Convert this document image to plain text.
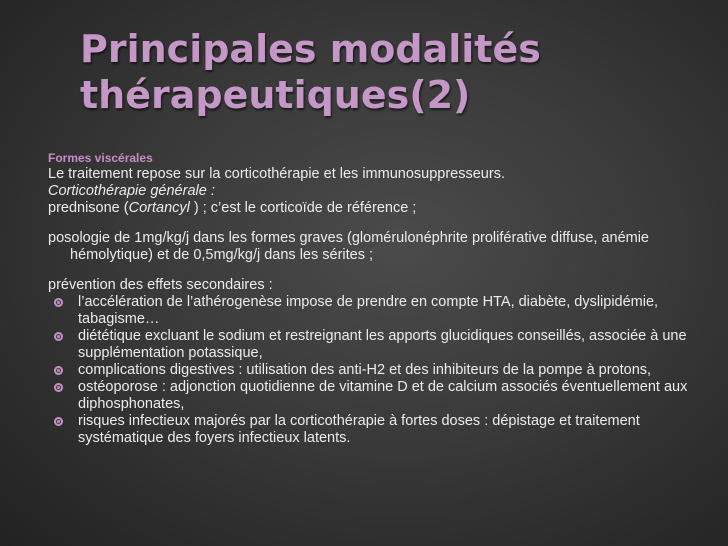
Principales modalités thérapeutiques(2)
Formes viscérales
Le traitement repose sur la corticothérapie et les immunosuppresseurs.
Corticothérapie générale :
prednisone (Cortancyl ) ; c’est le corticoïde de référence ;
posologie de 1mg/kg/j dans les formes graves (glomérulonéphrite proliférative diffuse, anémie hémolytique) et de 0,5mg/kg/j dans les sérites ;
prévention des effets secondaires :
l’accélération de l’athérogenèse impose de prendre en compte HTA, diabète, dyslipidémie, tabagisme…
diététique excluant le sodium et restreignant les apports glucidiques conseillés, associée à une supplémentation potassique,
complications digestives : utilisation des anti-H2 et des inhibiteurs de la pompe à protons,
ostéoporose : adjonction quotidienne de vitamine D et de calcium associés éventuellement aux diphosphonates,
risques infectieux majorés par la corticothérapie à fortes doses : dépistage et traitement systématique des foyers infectieux latents.
